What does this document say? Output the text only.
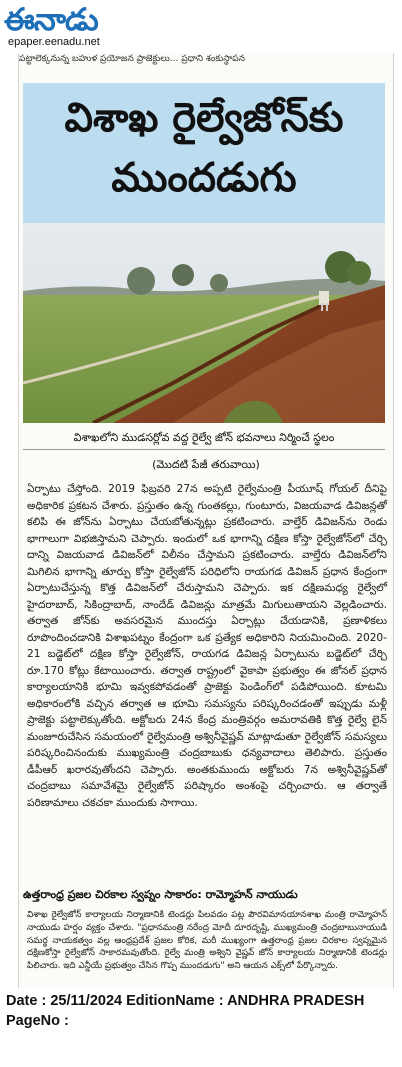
ఈనాడు
epaper.eenadu.net
పట్టాలెక్కనున్న బహుళ ప్రయోజన ప్రాజెక్టులు... ప్రధాని శంకుస్థాపన
విశాఖ రైల్వేజోన్‌కు
ముందడుగు
విశాఖలోని ముడసర్లోవ వద్ద రైల్వే జోన్ భవనాలు నిర్మించే స్థలం
(మొదటి పేజీ తరువాయి)

ఏర్పాటు చేస్తోంది. 2019 ఫిబ్రవరి 27న అప్పటి రైల్వేమంత్రి పీయూష్ గోయల్ దీనిపై అధికారిక ప్రకటన చేశారు. ప్రస్తుతం ఉన్న గుంతకల్లు, గుంటూరు, విజయవాడ డివిజన్లతో కలిపి ఈ జోన్‌ను ఏర్పాటు చేయబోతున్నట్లు ప్రకటించారు. వాల్తేర్ డివిజన్‌ను రెండు భాగాలుగా విభజిస్తామని చెప్పారు. ఇందులో ఒక భాగాన్ని దక్షిణ కోస్తా రైల్వేజోన్‌లో చేర్చి దాన్ని విజయవాడ డివిజన్‌లో విలీనం చేస్తామని ప్రకటించారు. వాల్తేరు డివిజన్‌లోని మిగిలిన భాగాన్ని తూర్పు కోస్తా రైల్వేజోన్ పరిధిలోని రాయగడ డివిజన్ ప్రధాన కేంద్రంగా ఏర్పాటుచేస్తున్న కొత్త డివిజన్‌లో చేరుస్తామని చెప్పారు. ఇక దక్షిణమధ్య రైల్వేలో హైదరాబాద్, సికింద్రాబాద్, నాందేడ్ డివిజన్లు మాత్రమే మిగులుతాయని వెల్లడించారు. తర్వాత జోన్‌కు అవసరమైన ముందస్తు ఏర్పాట్లు చేయడానికి, ప్రణాళికలు రూపొందించడానికి విశాఖపట్నం కేంద్రంగా ఒక ప్రత్యేక అధికారిని నియమించింది. 2020-21 బడ్జెట్‌లో దక్షిణ కోస్తా రైల్వేజోన్, రాయగడ డివిజన్ల ఏర్పాటును బడ్జెట్‌లో చేర్చి రూ.170 కోట్లు కేటాయించారు. తర్వాత రాష్ట్రంలో వైకాపా ప్రభుత్వం ఈ జోనల్ ప్రధాన కార్యాలయానికి భూమి ఇవ్వకపోవడంతో ప్రాజెక్టు పెండింగ్‌లో పడిపోయింది. కూటమి అధికారంలోకి వచ్చిన తర్వాత ఆ భూమి సమస్యను పరిష్కరించడంతో ఇప్పుడు మళ్లీ ప్రాజెక్టు పట్టాలెక్కుతోంది. అక్టోబరు 24న కేంద్ర మంత్రివర్గం అమరావతికి కొత్త రైల్వే లైన్ మంజూరుచేసిన సమయంలో రైల్వేమంత్రి అశ్వినీవైష్ణవ్ మాట్లాడుతూ రైల్వేజోన్ సమస్యలు పరిష్కరించినందుకు ముఖ్యమంత్రి చంద్రబాబుకు ధన్యవాదాలు తెలిపారు. ప్రస్తుతం డీపీఆర్ ఖరారవుతోందని చెప్పారు. అంతకుముందు అక్టోబరు 7న అశ్వినీవైష్ణవ్‌తో చంద్రబాబు సమావేశమై రైల్వేజోన్ పరిష్కారం అంశంపై చర్చించారు. ఆ తర్వాతే పరిణామాలు చకచకా ముందుకు సాగాయి.

ఉత్తరాంధ్ర ప్రజల చిరకాల స్వప్నం సాకారం: రామ్మోహన్ నాయుడు

విశాఖ రైల్వేజోన్ కార్యాలయ నిర్మాణానికి టెండర్లు పిలవడం పట్ల పౌరవిమానయానశాఖ మంత్రి రామ్మోహన్ నాయుడు హర్షం వ్యక్తం చేశారు. "ప్రధానమంత్రి నరేంద్ర మోదీ దూరదృష్టి, ముఖ్యమంత్రి చంద్రబాబునాయుడి సమర్థ నాయకత్వం వల్ల ఆంధ్రప్రదేశ్ ప్రజల కోరిక, మరీ ముఖ్యంగా ఉత్తరాంధ్ర ప్రజల చిరకాల స్వప్నమైన దక్షిణకోస్తా రైల్వేజోన్ సాకారమవుతోంది. రైల్వే మంత్రి అశ్విని వైష్ణవ్ జోన్ కార్యాలయ నిర్మాణానికి టెండర్లు పిలిచారు. ఇది ఎన్డీయే ప్రభుత్వం చేసిన గొప్ప ముందడుగు" అని ఆయన ఎక్స్‌లో పేర్కొన్నారు.

Date : 25/11/2024 EditionName : ANDHRA PRADESH PageNo :
